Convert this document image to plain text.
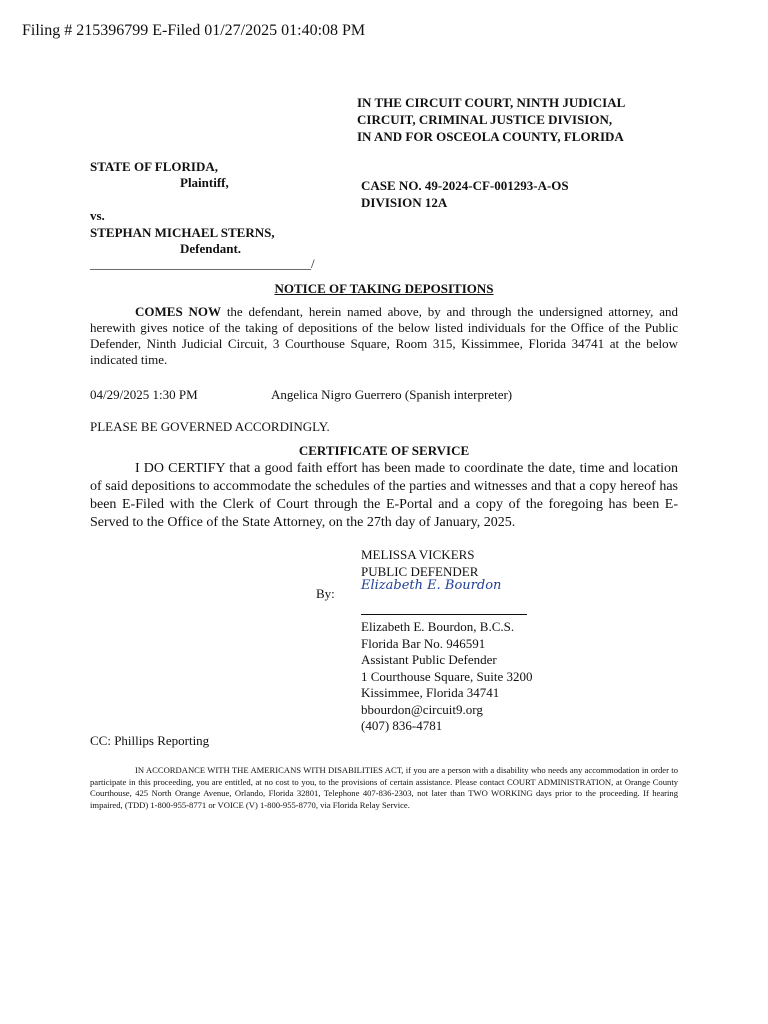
Filing # 215396799 E-Filed 01/27/2025 01:40:08 PM
IN THE CIRCUIT COURT, NINTH JUDICIAL
CIRCUIT, CRIMINAL JUSTICE DIVISION,
IN AND FOR OSCEOLA COUNTY, FLORIDA
STATE OF FLORIDA,
Plaintiff,	CASE NO. 49-2024-CF-001293-A-OS
DIVISION 12A
vs.
STEPHAN MICHAEL STERNS,
Defendant.
__________________________________/
NOTICE OF TAKING DEPOSITIONS
COMES NOW the defendant, herein named above, by and through the undersigned attorney, and herewith gives notice of the taking of depositions of the below listed individuals for the Office of the Public Defender, Ninth Judicial Circuit, 3 Courthouse Square, Room 315, Kissimmee, Florida 34741 at the below indicated time.
04/29/2025 1:30 PM	Angelica Nigro Guerrero (Spanish interpreter)
PLEASE BE GOVERNED ACCORDINGLY.
CERTIFICATE OF SERVICE
I DO CERTIFY that a good faith effort has been made to coordinate the date, time and location of said depositions to accommodate the schedules of the parties and witnesses and that a copy hereof has been E-Filed with the Clerk of Court through the E-Portal and a copy of the foregoing has been E-Served to the Office of the State Attorney, on the 27th day of January, 2025.
MELISSA VICKERS
PUBLIC DEFENDER
By:
Elizabeth E. Bourdon
Elizabeth E. Bourdon, B.C.S.
Florida Bar No. 946591
Assistant Public Defender
1 Courthouse Square, Suite 3200
Kissimmee, Florida 34741
bbourdon@circuit9.org
(407) 836-4781
CC: Phillips Reporting
IN ACCORDANCE WITH THE AMERICANS WITH DISABILITIES ACT, if you are a person with a disability who needs any accommodation in order to participate in this proceeding, you are entitled, at no cost to you, to the provisions of certain assistance. Please contact COURT ADMINISTRATION, at Orange County Courthouse, 425 North Orange Avenue, Orlando, Florida 32801, Telephone 407-836-2303, not later than TWO WORKING days prior to the proceeding. If hearing impaired, (TDD) 1-800-955-8771 or VOICE (V) 1-800-955-8770, via Florida Relay Service.
